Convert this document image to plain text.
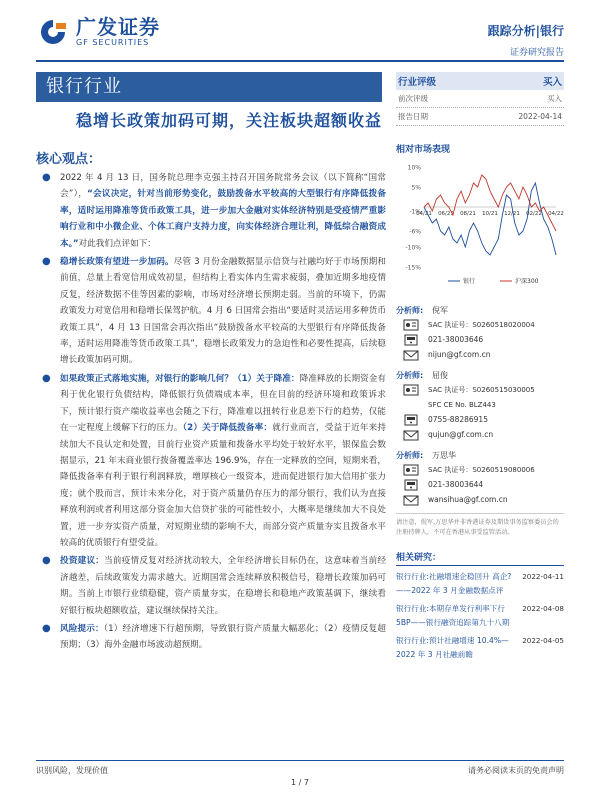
广发证券
GF SECURITIES
跟踪分析|银行
证券研究报告
银行行业
稳增长政策加码可期，关注板块超额收益
核心观点：
● 2022 年 4 月 13 日，国务院总理李克强主持召开国务院常务会议（以下简称“国常会”），“会议决定，针对当前形势变化，鼓励拨备水平较高的大型银行有序降低拨备率，适时运用降准等货币政策工具，进一步加大金融对实体经济特别是受疫情严重影响行业和中小微企业、个体工商户支持力度，向实体经济合理让利，降低综合融资成本。”对此我们点评如下：
● 稳增长政策有望进一步加码。尽管 3 月份金融数据显示信贷与社融均好于市场预期和前值，总量上看宽信用成效初显，但结构上看实体内生需求疲弱，叠加近期多地疫情反复，经济数据不佳等因素的影响，市场对经济增长预期走弱。当前的环境下，仍需政策发力对宽信用和稳增长保驾护航。4 月 6 日国常会指出“要适时灵活运用多种货币政策工具”，4 月 13 日国常会再次指出“鼓励拨备水平较高的大型银行有序降低拨备率，适时运用降准等货币政策工具”，稳增长政策发力的急迫性和必要性提高，后续稳增长政策加码可期。
● 如果政策正式落地实施，对银行的影响几何？（1）关于降准：降准释放的长期资金有利于优化银行负债结构，降低银行负债端成本率，但在目前的经济环境和政策诉求下，预计银行资产端收益率也会随之下行，降准难以扭转行业息差下行的趋势，仅能在一定程度上缓解下行的压力。（2）关于降低拨备率：就行业而言，受益于近年来持续加大不良认定和处置，目前行业资产质量和拨备水平均处于较好水平，银保监会数据显示，21 年末商业银行拨备覆盖率达 196.9%，存在一定释放的空间，短期来看，降低拨备率有利于银行利润释放，增厚核心一级资本，进而促进银行加大信用扩张力度；就个股而言，预计未来分化，对于资产质量仍存压力的部分银行，我们认为直接释放利润或者利用这部分资金加大信贷扩张的可能性较小，大概率是继续加大不良处置，进一步夯实资产质量，对短期业绩的影响不大，而部分资产质量夯实且拨备水平较高的优质银行有望受益。
● 投资建议：当前疫情反复对经济扰动较大，全年经济增长目标仍在，这意味着当前经济越差，后续政策发力需求越大。近期国常会连续释放积极信号，稳增长政策加码可期。当前上市银行业绩稳健，资产质量夯实，在稳增长和稳地产政策基调下，继续看好银行板块超额收益，建议继续保持关注。
● 风险提示：（1）经济增速下行超预期，导致银行资产质量大幅恶化；（2）疫情反复超预期；（3）海外金融市场波动超预期。
行业评级	买入
前次评级	买入
报告日期	2022-04-14
相对市场表现
10%
5%
-1%
-6%
-10%
-15%
04/21 06/21 08/21 10/21 12/21 02/22 04/22
银行	沪深300
分析师:	倪军
SAC 执证号：S0260518020004
021-38003646
nijun@gf.com.cn
分析师:	屈俊
SAC 执证号：S0260515030005
SFC CE No. BLZ443
0755-88286915
qujun@gf.com.cn
分析师:	万思华
SAC 执证号：S0260519080006
021-38003644
wansihua@gf.com.cn
请注意，倪军,万思华并非香港证券及期货事务监察委员会的注册持牌人，不可在香港从事受监管活动。
相关研究：
银行行业:社融增速企稳回升 高企?——2022 年 3 月金融数据点评
2022-04-11
银行行业:本期存单发行利率下行 5BP——银行融资追踪第九十八期
2022-04-08
银行行业:预计社融增速 10.4%—2022 年 3 月社融前瞻
2022-04-05
识别风险，发现价值	请务必阅读末页的免责声明
1 / 7
